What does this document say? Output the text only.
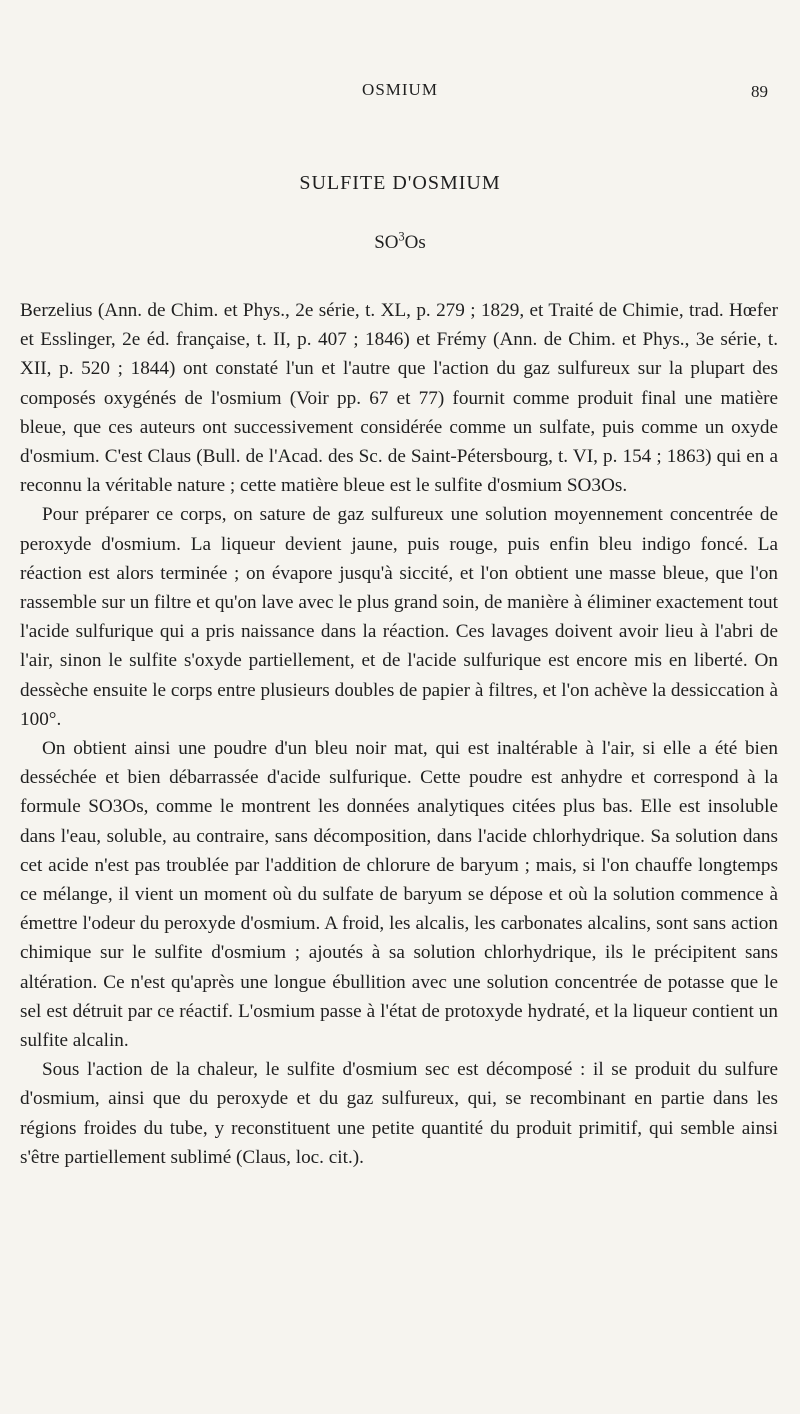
OSMIUM	89
SULFITE D'OSMIUM
$SO^3Os$

Berzelius (Ann. de Chim. et Phys., 2e série, t. XL, p. 279 ; 1829, et Traité de Chimie, trad. Hœfer et Esslinger, 2e éd. française, t. II, p. 407 ; 1846) et Frémy (Ann. de Chim. et Phys., 3e série, t. XII, p. 520 ; 1844) ont constaté l'un et l'autre que l'action du gaz sulfureux sur la plupart des composés oxygénés de l'osmium (Voir pp. 67 et 77) fournit comme produit final une matière bleue, que ces auteurs ont successivement considérée comme un sulfate, puis comme un oxyde d'osmium. C'est Claus (Bull. de l'Acad. des Sc. de Saint-Pétersbourg, t. VI, p. 154 ; 1863) qui en a reconnu la véritable nature ; cette matière bleue est le sulfite d'osmium SO3Os.

Pour préparer ce corps, on sature de gaz sulfureux une solution moyennement concentrée de peroxyde d'osmium. La liqueur devient jaune, puis rouge, puis enfin bleu indigo foncé. La réaction est alors terminée ; on évapore jusqu'à siccité, et l'on obtient une masse bleue, que l'on rassemble sur un filtre et qu'on lave avec le plus grand soin, de manière à éliminer exactement tout l'acide sulfurique qui a pris naissance dans la réaction. Ces lavages doivent avoir lieu à l'abri de l'air, sinon le sulfite s'oxyde partiellement, et de l'acide sulfurique est encore mis en liberté. On dessèche ensuite le corps entre plusieurs doubles de papier à filtres, et l'on achève la dessiccation à 100°.

On obtient ainsi une poudre d'un bleu noir mat, qui est inaltérable à l'air, si elle a été bien desséchée et bien débarrassée d'acide sulfurique. Cette poudre est anhydre et correspond à la formule SO3Os, comme le montrent les données analytiques citées plus bas. Elle est insoluble dans l'eau, soluble, au contraire, sans décomposition, dans l'acide chlorhydrique. Sa solution dans cet acide n'est pas troublée par l'addition de chlorure de baryum ; mais, si l'on chauffe longtemps ce mélange, il vient un moment où du sulfate de baryum se dépose et où la solution commence à émettre l'odeur du peroxyde d'osmium. A froid, les alcalis, les carbonates alcalins, sont sans action chimique sur le sulfite d'osmium ; ajoutés à sa solution chlorhydrique, ils le précipitent sans altération. Ce n'est qu'après une longue ébullition avec une solution concentrée de potasse que le sel est détruit par ce réactif. L'osmium passe à l'état de protoxyde hydraté, et la liqueur contient un sulfite alcalin.

Sous l'action de la chaleur, le sulfite d'osmium sec est décomposé : il se produit du sulfure d'osmium, ainsi que du peroxyde et du gaz sulfureux, qui, se recombinant en partie dans les régions froides du tube, y reconstituent une petite quantité du produit primitif, qui semble ainsi s'être partiellement sublimé (Claus, loc. cit.).
